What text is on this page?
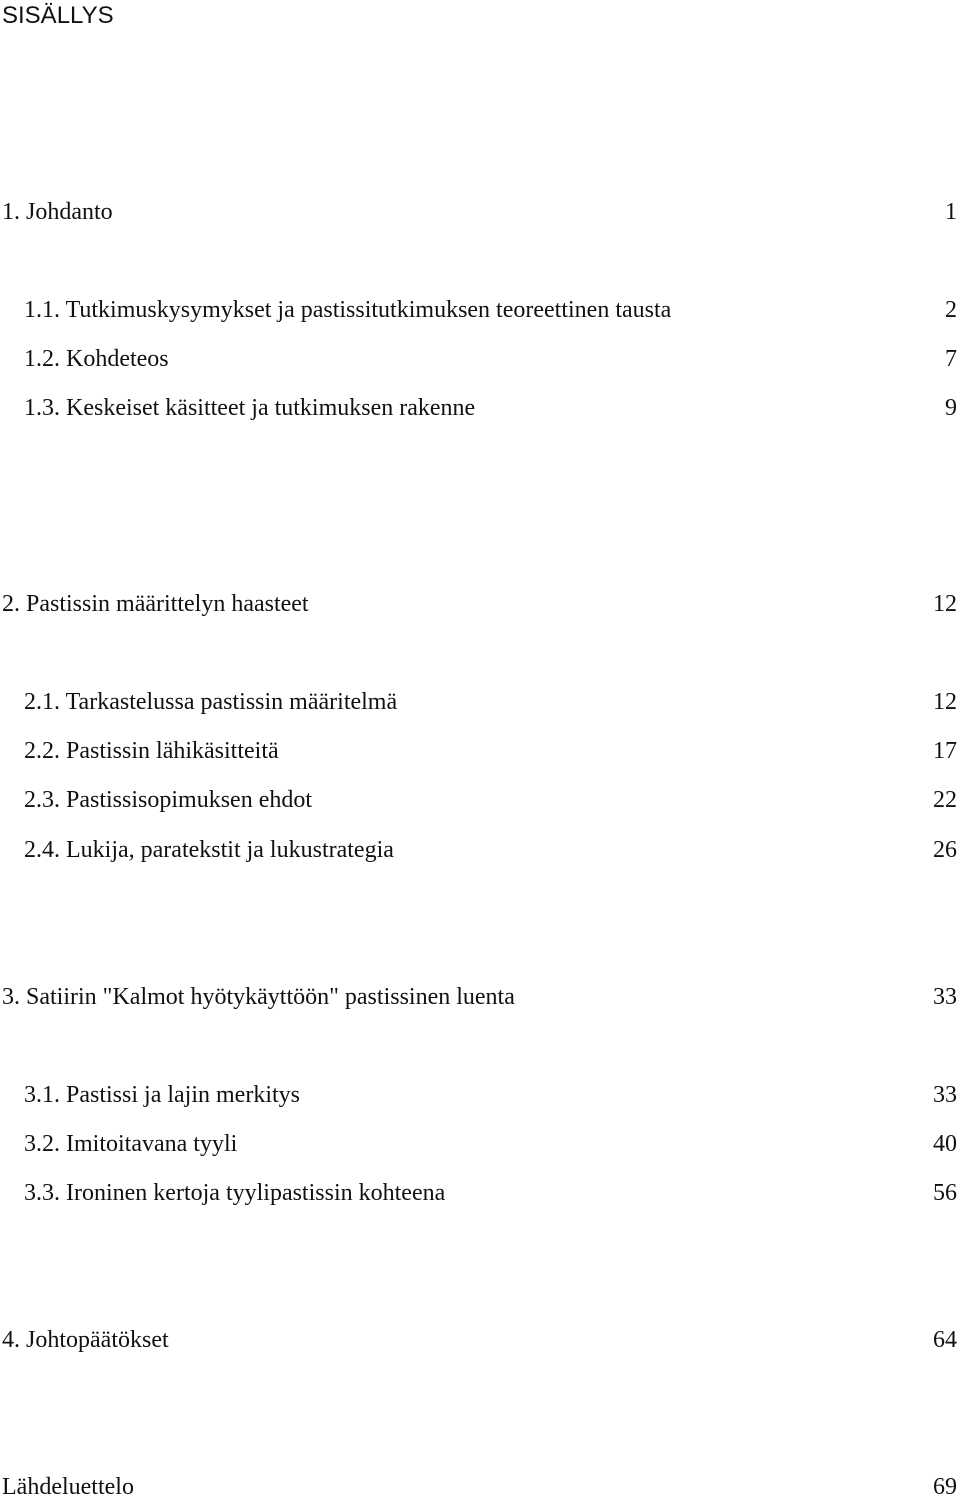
SISÄLLYS
1. Johdanto	1
1.1. Tutkimuskysymykset ja pastissitutkimuksen teoreettinen tausta	2
1.2. Kohdeteos	7
1.3. Keskeiset käsitteet ja tutkimuksen rakenne	9
2. Pastissin määrittelyn haasteet	12
2.1. Tarkastelussa pastissin määritelmä	12
2.2. Pastissin lähikäsitteitä	17
2.3. Pastissisopimuksen ehdot	22
2.4. Lukija, paratekstit ja lukustrategia	26
3. Satiirin "Kalmot hyötykäyttöön" pastissinen luenta	33
3.1. Pastissi ja lajin merkitys	33
3.2. Imitoitavana tyyli	40
3.3. Ironinen kertoja tyylipastissin kohteena	56
4. Johtopäätökset	64
Lähdeluettelo	69
